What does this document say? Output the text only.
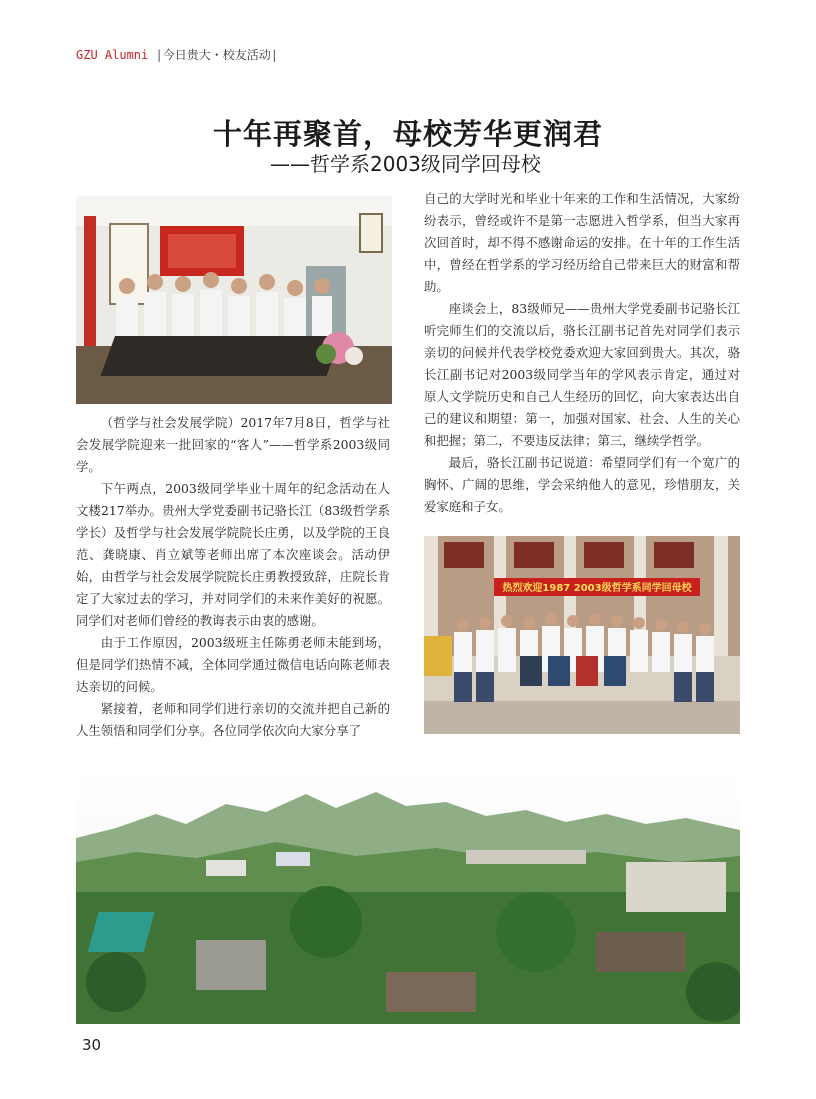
GZU Alumni |今日贵大・校友活动|
十年再聚首，母校芳华更润君
——哲学系2003级同学回母校

（哲学与社会发展学院）2017年7月8日，哲学与社会发展学院迎来一批回家的“客人”——哲学系2003级同学。

下午两点，2003级同学毕业十周年的纪念活动在人文楼217举办。贵州大学党委副书记骆长江（83级哲学系学长）及哲学与社会发展学院院长庄勇，以及学院的王良范、龚晓康、肖立斌等老师出席了本次座谈会。活动伊始，由哲学与社会发展学院院长庄勇教授致辞，庄院长肯定了大家过去的学习，并对同学们的未来作美好的祝愿。同学们对老师们曾经的教诲表示由衷的感谢。

由于工作原因，2003级班主任陈勇老师未能到场，但是同学们热情不减，全体同学通过微信电话向陈老师表达亲切的问候。

紧接着，老师和同学们进行亲切的交流并把自己新的人生领悟和同学们分享。各位同学依次向大家分享了

自己的大学时光和毕业十年来的工作和生活情况，大家纷纷表示，曾经或许不是第一志愿进入哲学系，但当大家再次回首时，却不得不感谢命运的安排。在十年的工作生活中，曾经在哲学系的学习经历给自己带来巨大的财富和帮助。

座谈会上，83级师兄——贵州大学党委副书记骆长江听完师生们的交流以后，骆长江副书记首先对同学们表示亲切的问候并代表学校党委欢迎大家回到贵大。其次，骆长江副书记对2003级同学当年的学风表示肯定，通过对原人文学院历史和自己人生经历的回忆，向大家表达出自己的建议和期望：第一，加强对国家、社会、人生的关心和把握；第二，不要违反法律；第三，继续学哲学。

最后，骆长江副书记说道：希望同学们有一个宽广的胸怀、广阔的思维，学会采纳他人的意见，珍惜朋友，关爱家庭和子女。

热烈欢迎1987 2003级哲学系同学回母校
30
